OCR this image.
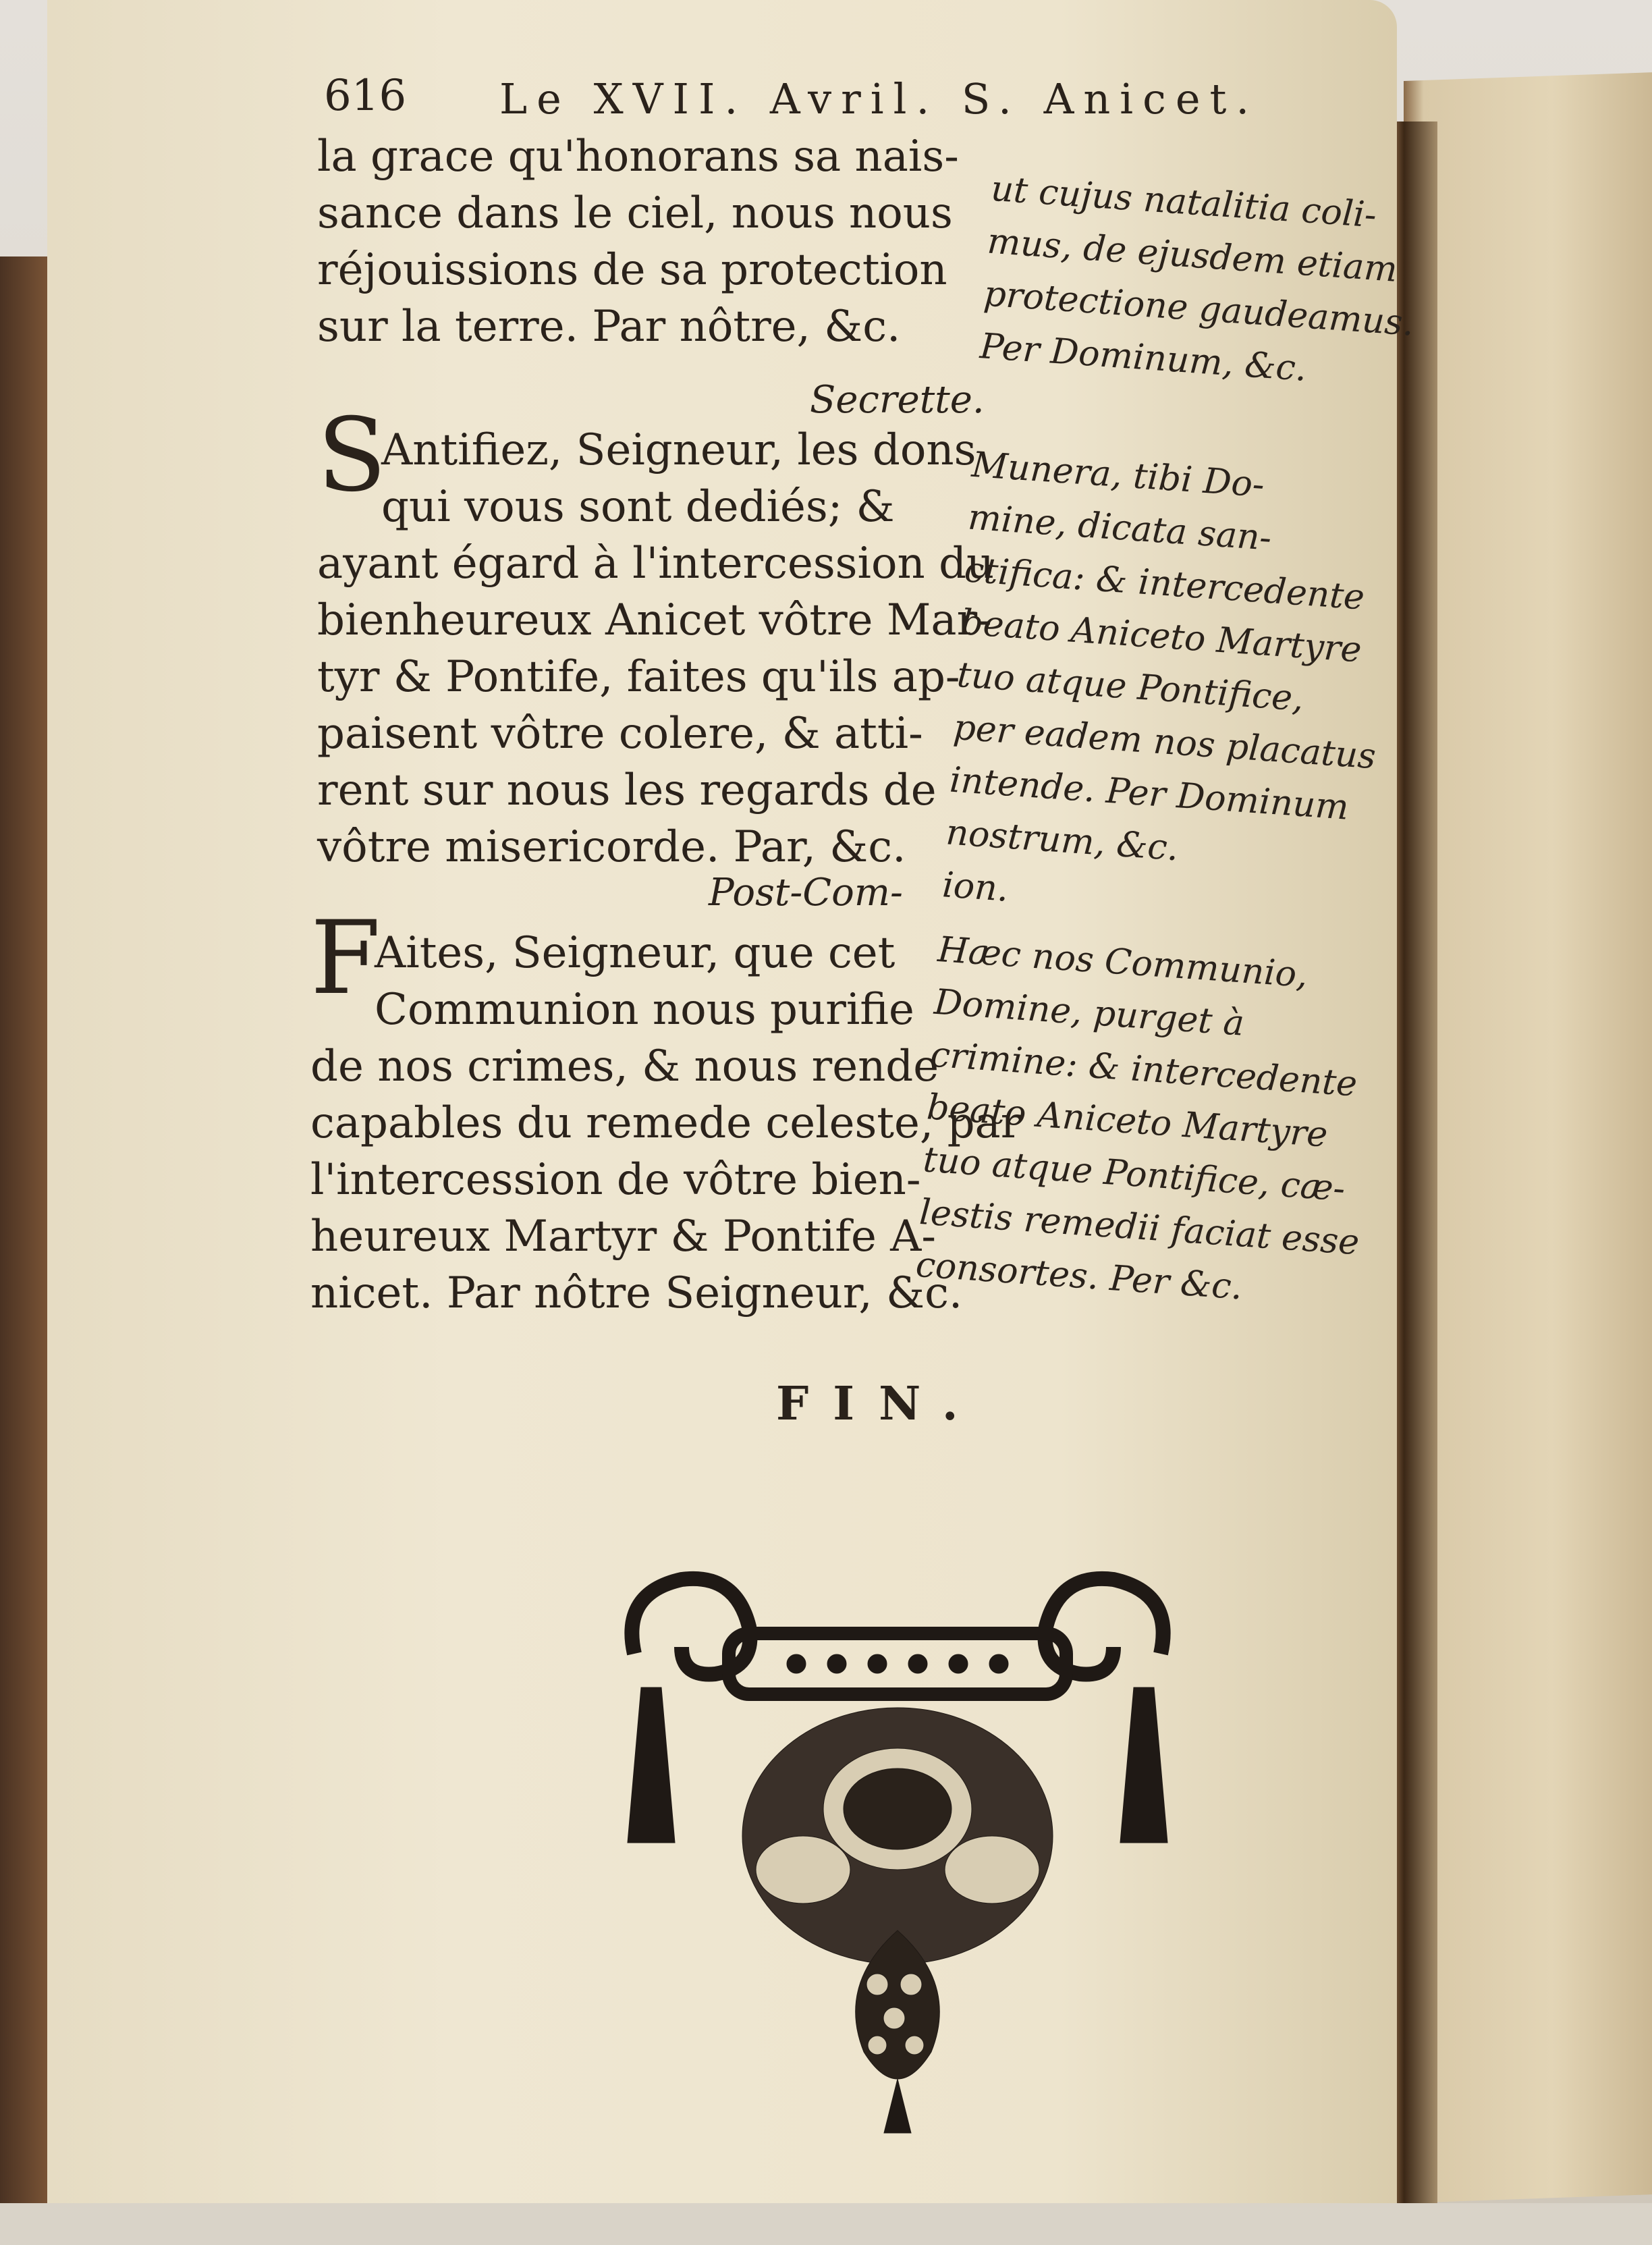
616 Le XVII. Avril. S. Anicet.
la grace qu'honorans sa nais-
sance dans le ciel, nous nous
réjouissions de sa protection
sur la terre. Par nôtre, &c.
Secrette.
S
Antifiez, Seigneur, les dons
qui vous sont dediés; &
ayant égard à l'intercession du
bienheureux Anicet vôtre Mar-
tyr & Pontife, faites qu'ils ap-
paisent vôtre colere, & atti-
rent sur nous les regards de
vôtre misericorde. Par, &c.
Post-Com-
F
Aites, Seigneur, que cet
Communion nous purifie
de nos crimes, & nous rende
capables du remede celeste, par
l'intercession de vôtre bien-
heureux Martyr & Pontife A-
nicet. Par nôtre Seigneur, &c.
ut cujus natalitia coli-
mus, de ejusdem etiam
protectione gaudeamus.
Per Dominum, &c.
Munera, tibi Do-
mine, dicata san-
ctifica: & intercedente
beato Aniceto Martyre
tuo atque Pontifice,
per eadem nos placatus
intende. Per Dominum
nostrum, &c.
ion.
Hæc nos Communio,
Domine, purget à
crimine: & intercedente
beato Aniceto Martyre
tuo atque Pontifice, cæ-
lestis remedii faciat esse
consortes. Per &c.
FIN.
